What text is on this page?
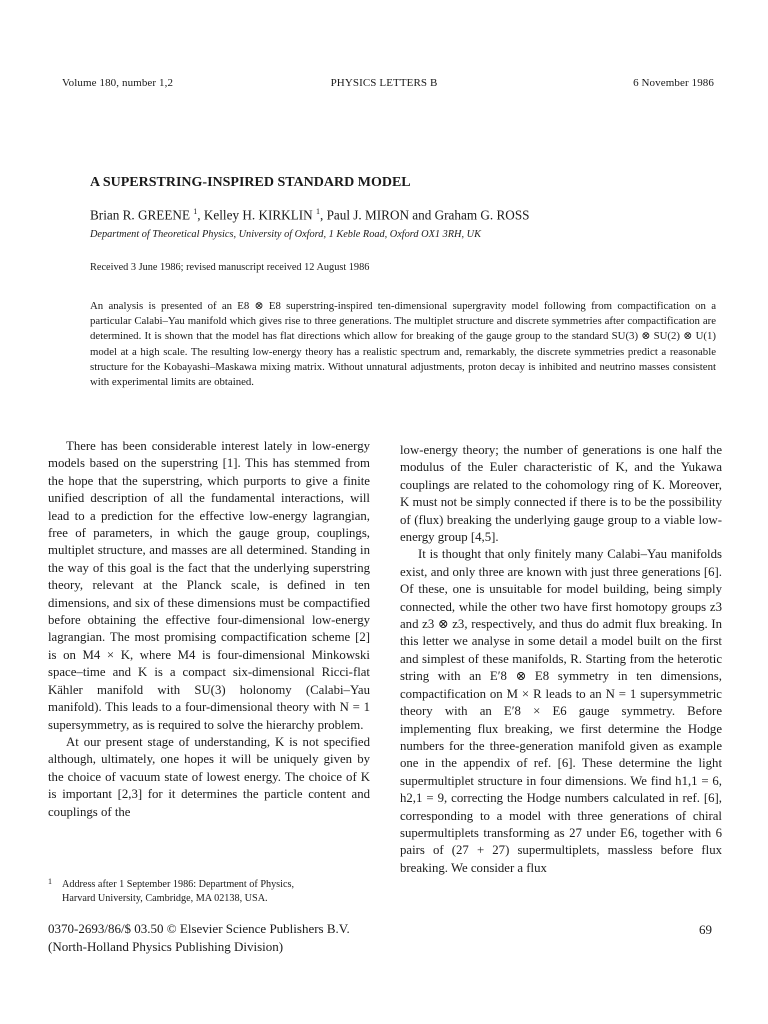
Volume 180, number 1,2	PHYSICS LETTERS B	6 November 1986
A SUPERSTRING-INSPIRED STANDARD MODEL
Brian R. GREENE $^1$, Kelley H. KIRKLIN $^1$, Paul J. MIRON and Graham G. ROSS
Department of Theoretical Physics, University of Oxford, 1 Keble Road, Oxford OX1 3RH, UK
Received 3 June 1986; revised manuscript received 12 August 1986
An analysis is presented of an E8 ⊗ E8 superstring-inspired ten-dimensional supergravity model following from compactification on a particular Calabi–Yau manifold which gives rise to three generations. The multiplet structure and discrete symmetries after compactification are determined. It is shown that the model has flat directions which allow for breaking of the gauge group to the standard SU(3) ⊗ SU(2) ⊗ U(1) model at a high scale. The resulting low-energy theory has a realistic spectrum and, remarkably, the discrete symmetries predict a reasonable structure for the Kobayashi–Maskawa mixing matrix. Without unnatural adjustments, proton decay is inhibited and neutrino masses consistent with experimental limits are obtained.

There has been considerable interest lately in low-energy models based on the superstring [1]. This has stemmed from the hope that the superstring, which purports to give a finite unified description of all the fundamental interactions, will lead to a prediction for the effective low-energy lagrangian, free of parameters, in which the gauge group, couplings, multiplet structure, and masses are all determined. Standing in the way of this goal is the fact that the underlying superstring theory, relevant at the Planck scale, is defined in ten dimensions, and six of these dimensions must be compactified before obtaining the effective four-dimensional low-energy lagrangian. The most promising compactification scheme [2] is on M4 × K, where M4 is four-dimensional Minkowski space–time and K is a compact six-dimensional Ricci-flat Kähler manifold with SU(3) holonomy (Calabi–Yau manifold). This leads to a four-dimensional theory with N = 1 supersymmetry, as is required to solve the hierarchy problem.

At our present stage of understanding, K is not specified although, ultimately, one hopes it will be uniquely given by the choice of vacuum state of lowest energy. The choice of K is important [2,3] for it determines the particle content and couplings of the

low-energy theory; the number of generations is one half the modulus of the Euler characteristic of K, and the Yukawa couplings are related to the cohomology ring of K. Moreover, K must not be simply connected if there is to be the possibility of (flux) breaking the underlying gauge group to a viable low-energy group [4,5].

It is thought that only finitely many Calabi–Yau manifolds exist, and only three are known with just three generations [6]. Of these, one is unsuitable for model building, being simply connected, while the other two have first homotopy groups z3 and z3 ⊗ z3, respectively, and thus do admit flux breaking. In this letter we analyse in some detail a model built on the first and simplest of these manifolds, R. Starting from the heterotic string with an E′8 ⊗ E8 symmetry in ten dimensions, compactification on M × R leads to an N = 1 supersymmetric theory with an E′8 × E6 gauge symmetry. Before implementing flux breaking, we first determine the Hodge numbers for the three-generation manifold given as example one in the appendix of ref. [6]. These determine the light supermultiplet structure in four dimensions. We find h1,1 = 6, h2,1 = 9, correcting the Hodge numbers calculated in ref. [6], corresponding to a model with three generations of chiral supermultiplets transforming as 27 under E6, together with 6 pairs of (27 + 27) supermultiplets, massless before flux breaking. We consider a flux

1 Address after 1 September 1986: Department of Physics,
Harvard University, Cambridge, MA 02138, USA.
0370-2693/86/$ 03.50 © Elsevier Science Publishers B.V.
(North-Holland Physics Publishing Division)
69
